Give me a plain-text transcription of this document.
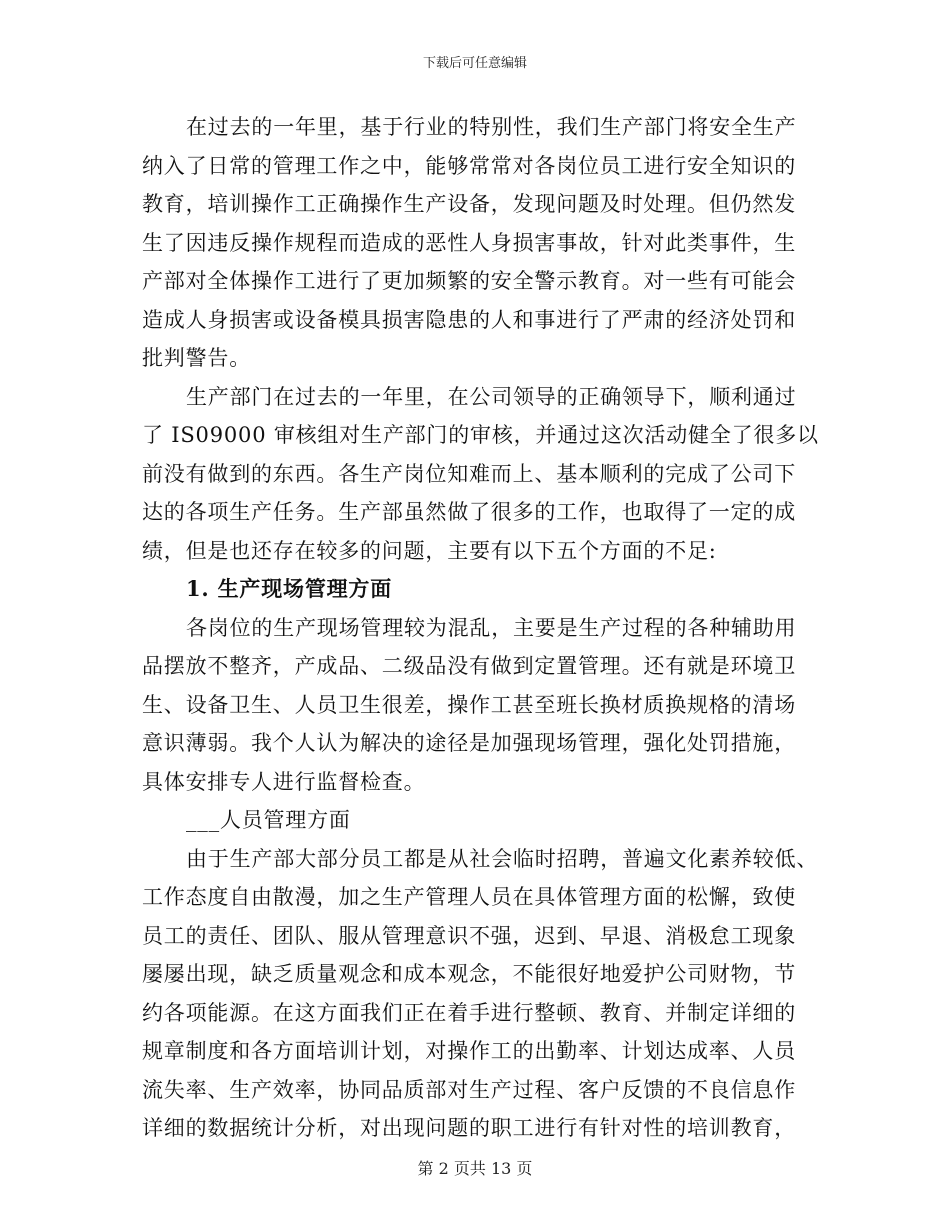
下载后可任意编辑
在过去的一年里，基于行业的特别性，我们生产部门将安全生产
纳入了日常的管理工作之中，能够常常对各岗位员工进行安全知识的
教育，培训操作工正确操作生产设备，发现问题及时处理。但仍然发
生了因违反操作规程而造成的恶性人身损害事故，针对此类事件，生
产部对全体操作工进行了更加频繁的安全警示教育。对一些有可能会
造成人身损害或设备模具损害隐患的人和事进行了严肃的经济处罚和
批判警告。
生产部门在过去的一年里，在公司领导的正确领导下，顺利通过
了 IS09000 审核组对生产部门的审核，并通过这次活动健全了很多以
前没有做到的东西。各生产岗位知难而上、基本顺利的完成了公司下
达的各项生产任务。生产部虽然做了很多的工作，也取得了一定的成
绩，但是也还存在较多的问题，主要有以下五个方面的不足:
1. 生产现场管理方面
各岗位的生产现场管理较为混乱，主要是生产过程的各种辅助用
品摆放不整齐，产成品、二级品没有做到定置管理。还有就是环境卫
生、设备卫生、人员卫生很差，操作工甚至班长换材质换规格的清场
意识薄弱。我个人认为解决的途径是加强现场管理，强化处罚措施，
具体安排专人进行监督检查。
___人员管理方面
由于生产部大部分员工都是从社会临时招聘，普遍文化素养较低、
工作态度自由散漫，加之生产管理人员在具体管理方面的松懈，致使
员工的责任、团队、服从管理意识不强，迟到、早退、消极怠工现象
屡屡出现，缺乏质量观念和成本观念，不能很好地爱护公司财物，节
约各项能源。在这方面我们正在着手进行整顿、教育、并制定详细的
规章制度和各方面培训计划，对操作工的出勤率、计划达成率、人员
流失率、生产效率，协同品质部对生产过程、客户反馈的不良信息作
详细的数据统计分析，对出现问题的职工进行有针对性的培训教育，
第 2 页共 13 页
